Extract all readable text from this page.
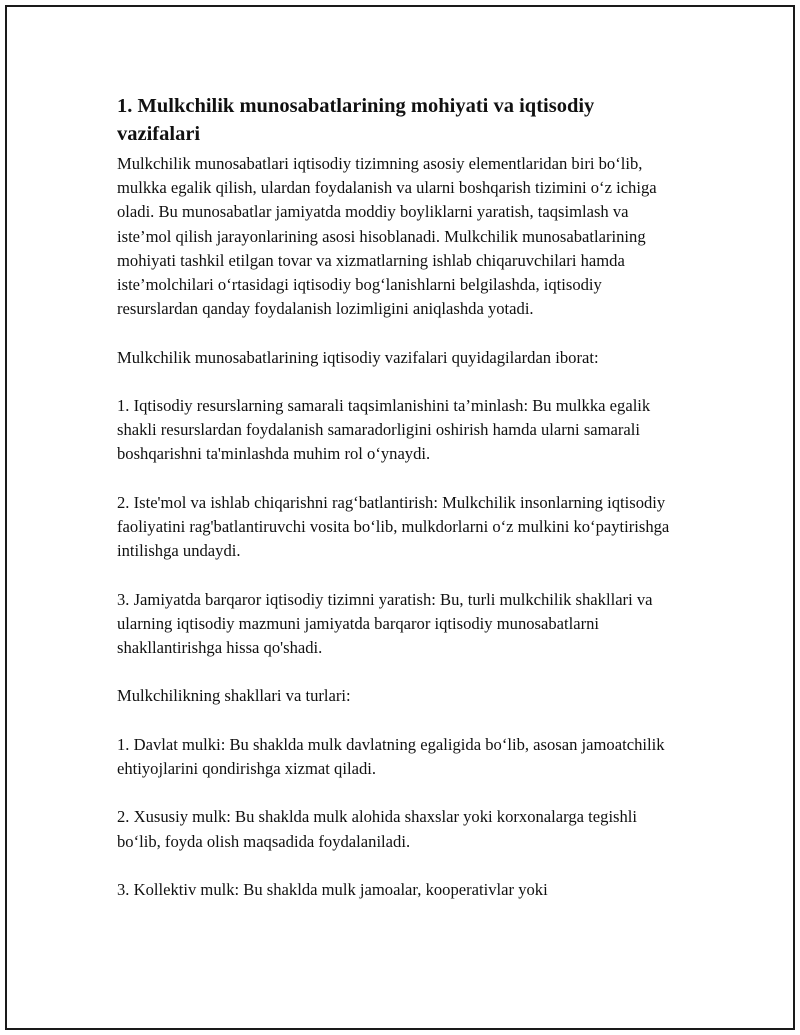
1. Mulkchilik munosabatlarining mohiyati va iqtisodiy vazifalari

Mulkchilik munosabatlari iqtisodiy tizimning asosiy elementlaridan biri bo‘lib, mulkka egalik qilish, ulardan foydalanish va ularni boshqarish tizimini o‘z ichiga oladi. Bu munosabatlar jamiyatda moddiy boyliklarni yaratish, taqsimlash va iste’mol qilish jarayonlarining asosi hisoblanadi. Mulkchilik munosabatlarining mohiyati tashkil etilgan tovar va xizmatlarning ishlab chiqaruvchilari hamda iste’molchilari o‘rtasidagi iqtisodiy bog‘lanishlarni belgilashda, iqtisodiy resurslardan qanday foydalanish lozimligini aniqlashda yotadi.

Mulkchilik munosabatlarining iqtisodiy vazifalari quyidagilardan iborat:

1. Iqtisodiy resurslarning samarali taqsimlanishini ta’minlash: Bu mulkka egalik shakli resurslardan foydalanish samaradorligini oshirish hamda ularni samarali boshqarishni ta'minlashda muhim rol o‘ynaydi.

2. Iste'mol va ishlab chiqarishni rag‘batlantirish: Mulkchilik insonlarning iqtisodiy faoliyatini rag'batlantiruvchi vosita bo‘lib, mulkdorlarni o‘z mulkini ko‘paytirishga intilishga undaydi.

3. Jamiyatda barqaror iqtisodiy tizimni yaratish: Bu, turli mulkchilik shakllari va ularning iqtisodiy mazmuni jamiyatda barqaror iqtisodiy munosabatlarni shakllantirishga hissa qo'shadi.

Mulkchilikning shakllari va turlari:

1. Davlat mulki: Bu shaklda mulk davlatning egaligida bo‘lib, asosan jamoatchilik ehtiyojlarini qondirishga xizmat qiladi.

2. Xususiy mulk: Bu shaklda mulk alohida shaxslar yoki korxonalarga tegishli bo‘lib, foyda olish maqsadida foydalaniladi.

3. Kollektiv mulk: Bu shaklda mulk jamoalar, kooperativlar yoki
